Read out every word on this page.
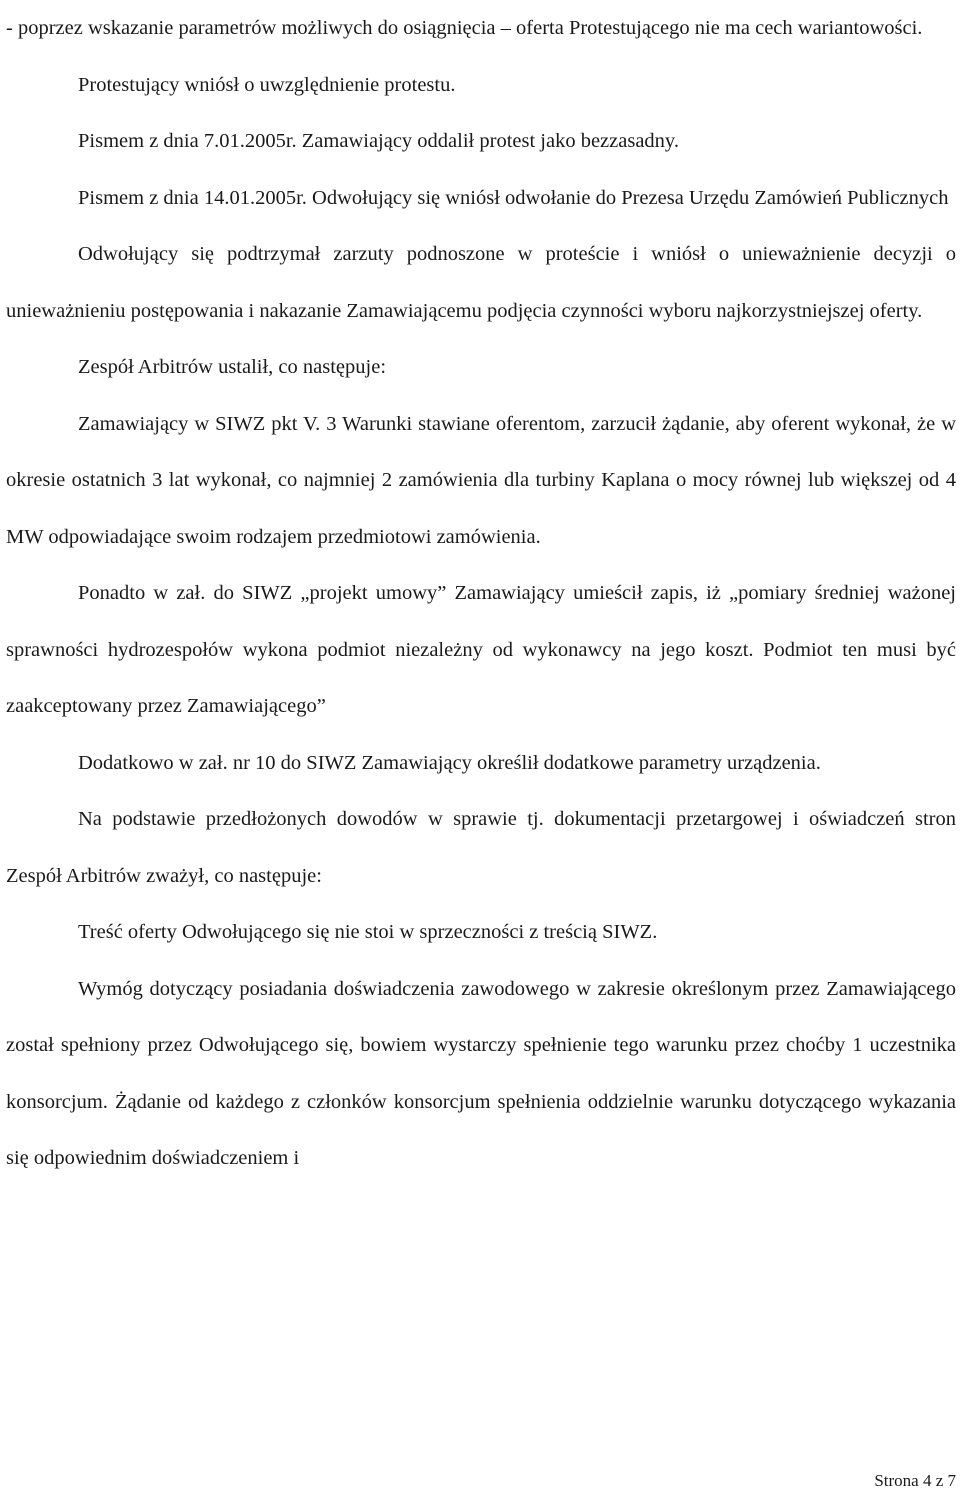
- poprzez wskazanie parametrów możliwych do osiągnięcia – oferta Protestującego nie ma cech wariantowości.

Protestujący wniósł o uwzględnienie protestu.

Pismem z dnia 7.01.2005r. Zamawiający oddalił protest jako bezzasadny.

Pismem z dnia 14.01.2005r. Odwołujący się wniósł odwołanie do Prezesa Urzędu Zamówień Publicznych

Odwołujący się podtrzymał zarzuty podnoszone w proteście i wniósł o unieważnienie decyzji o unieważnieniu postępowania i nakazanie Zamawiającemu podjęcia czynności wyboru najkorzystniejszej oferty.

Zespół Arbitrów ustalił, co następuje:

Zamawiający w SIWZ pkt V. 3 Warunki stawiane oferentom, zarzucił żądanie, aby oferent wykonał, że w okresie ostatnich 3 lat wykonał, co najmniej 2 zamówienia dla turbiny Kaplana o mocy równej lub większej od 4 MW odpowiadające swoim rodzajem przedmiotowi zamówienia.

Ponadto w zał. do SIWZ „projekt umowy” Zamawiający umieścił zapis, iż „pomiary średniej ważonej sprawności hydrozespołów wykona podmiot niezależny od wykonawcy na jego koszt. Podmiot ten musi być zaakceptowany przez Zamawiającego”

Dodatkowo w zał. nr 10 do SIWZ Zamawiający określił dodatkowe parametry urządzenia.

Na podstawie przedłożonych dowodów w sprawie tj. dokumentacji przetargowej i oświadczeń stron Zespół Arbitrów zważył, co następuje:

Treść oferty Odwołującego się nie stoi w sprzeczności z treścią SIWZ.

Wymóg dotyczący posiadania doświadczenia zawodowego w zakresie określonym przez Zamawiającego został spełniony przez Odwołującego się, bowiem wystarczy spełnienie tego warunku przez choćby 1 uczestnika konsorcjum. Żądanie od każdego z członków konsorcjum spełnienia oddzielnie warunku dotyczącego wykazania się odpowiednim doświadczeniem i

Strona 4 z 7
